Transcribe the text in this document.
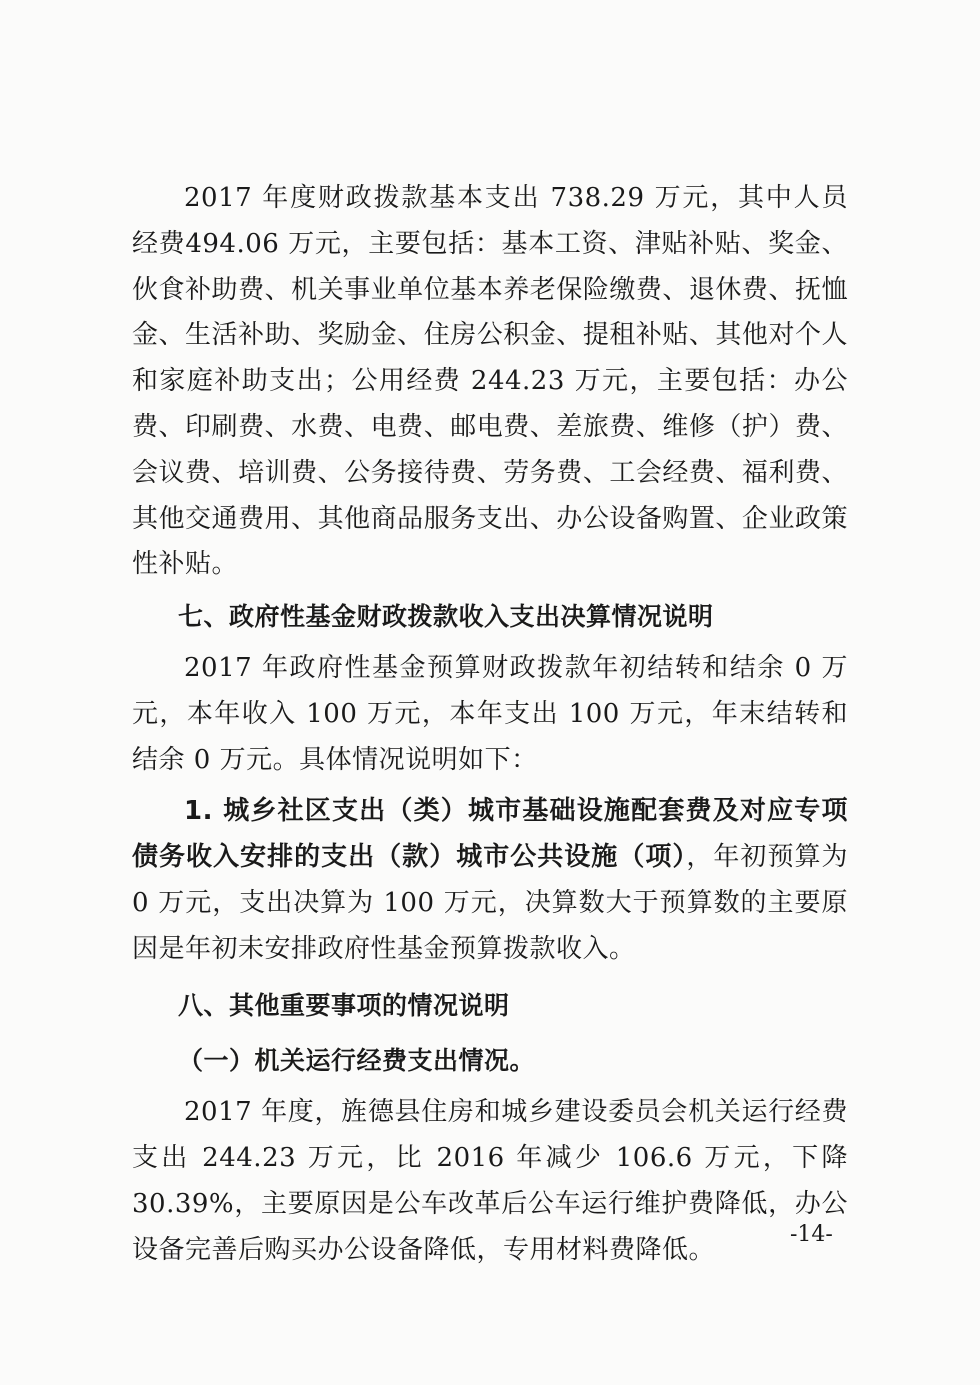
2017 年度财政拨款基本支出 738.29 万元，其中人员经费494.06 万元，主要包括：基本工资、津贴补贴、奖金、伙食补助费、机关事业单位基本养老保险缴费、退休费、抚恤金、生活补助、奖励金、住房公积金、提租补贴、其他对个人和家庭补助支出；公用经费 244.23 万元，主要包括：办公费、印刷费、水费、电费、邮电费、差旅费、维修（护）费、会议费、培训费、公务接待费、劳务费、工会经费、福利费、其他交通费用、其他商品服务支出、办公设备购置、企业政策性补贴。

七、政府性基金财政拨款收入支出决算情况说明

2017 年政府性基金预算财政拨款年初结转和结余 0 万元，本年收入 100 万元，本年支出 100 万元，年末结转和结余 0 万元。具体情况说明如下：

1. 城乡社区支出（类）城市基础设施配套费及对应专项债务收入安排的支出（款）城市公共设施（项），年初预算为 0 万元，支出决算为 100 万元，决算数大于预算数的主要原因是年初未安排政府性基金预算拨款收入。

八、其他重要事项的情况说明

（一）机关运行经费支出情况。

2017 年度，旌德县住房和城乡建设委员会机关运行经费支出 244.23 万元，比 2016 年减少 106.6 万元，下降 30.39%，主要原因是公车改革后公车运行维护费降低，办公设备完善后购买办公设备降低，专用材料费降低。

-14-
